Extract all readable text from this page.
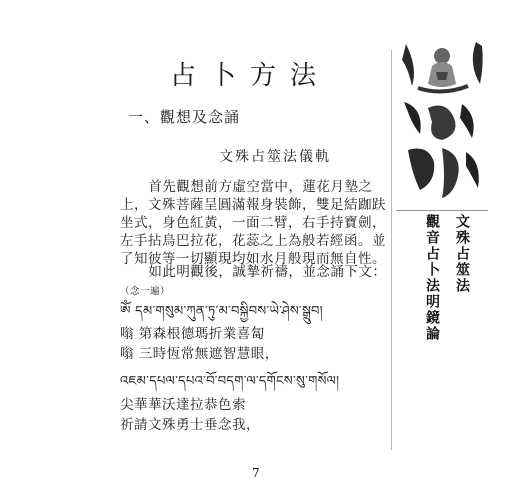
占卜方法
一、觀想及念誦
文殊占筮法儀軌

首先觀想前方虛空當中，蓮花月墊之上，文殊菩薩呈圓滿報身裝飾，雙足結跏趺坐式，身色紅黃，一面二臂，右手持寶劍，左手拈烏巴拉花，花蕊之上為般若經函。並了知彼等一切顯現均如水月般現而無自性。

如此明觀後，誠摯祈禱，並念誦下文：（念一遍）

ཨོཾ དམ་གསུམ་ཀུན་ཏུ་མ་བསྐྱིབས་ཡེ་ཤེས་སྒྲུབ།
嗡 第森根德瑪折業喜匐
嗡 三時恆常無遮智慧眼，
འཇམ་དཔལ་དཔའ་བོ་བདག་ལ་དགོངས་སུ་གསོལ།
尖華華沃達拉恭色索
祈請文殊勇士垂念我，
7
文殊占筮法
觀音占卜法明鏡論
